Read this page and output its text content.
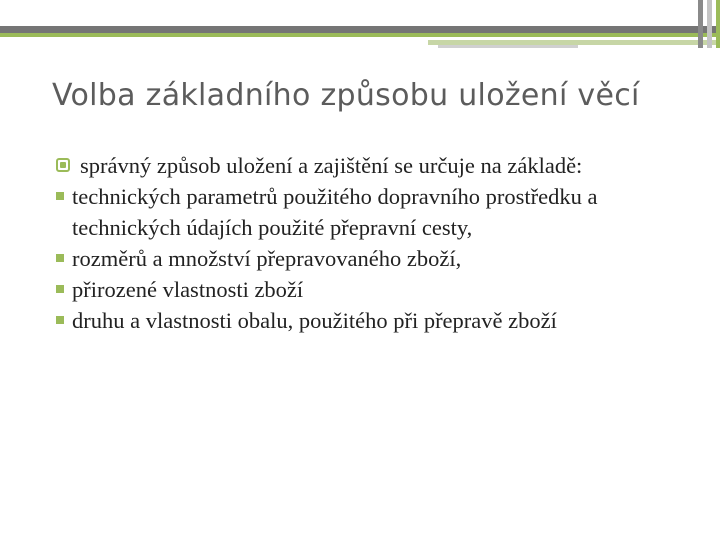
Volba základního způsobu uložení věcí
správný způsob uložení a zajištění se určuje na základě:
technických parametrů použitého dopravního prostředku a technických údajích použité přepravní cesty,
rozměrů a množství přepravovaného zboží,
přirozené vlastnosti zboží
druhu a vlastnosti obalu, použitého při přepravě zboží
